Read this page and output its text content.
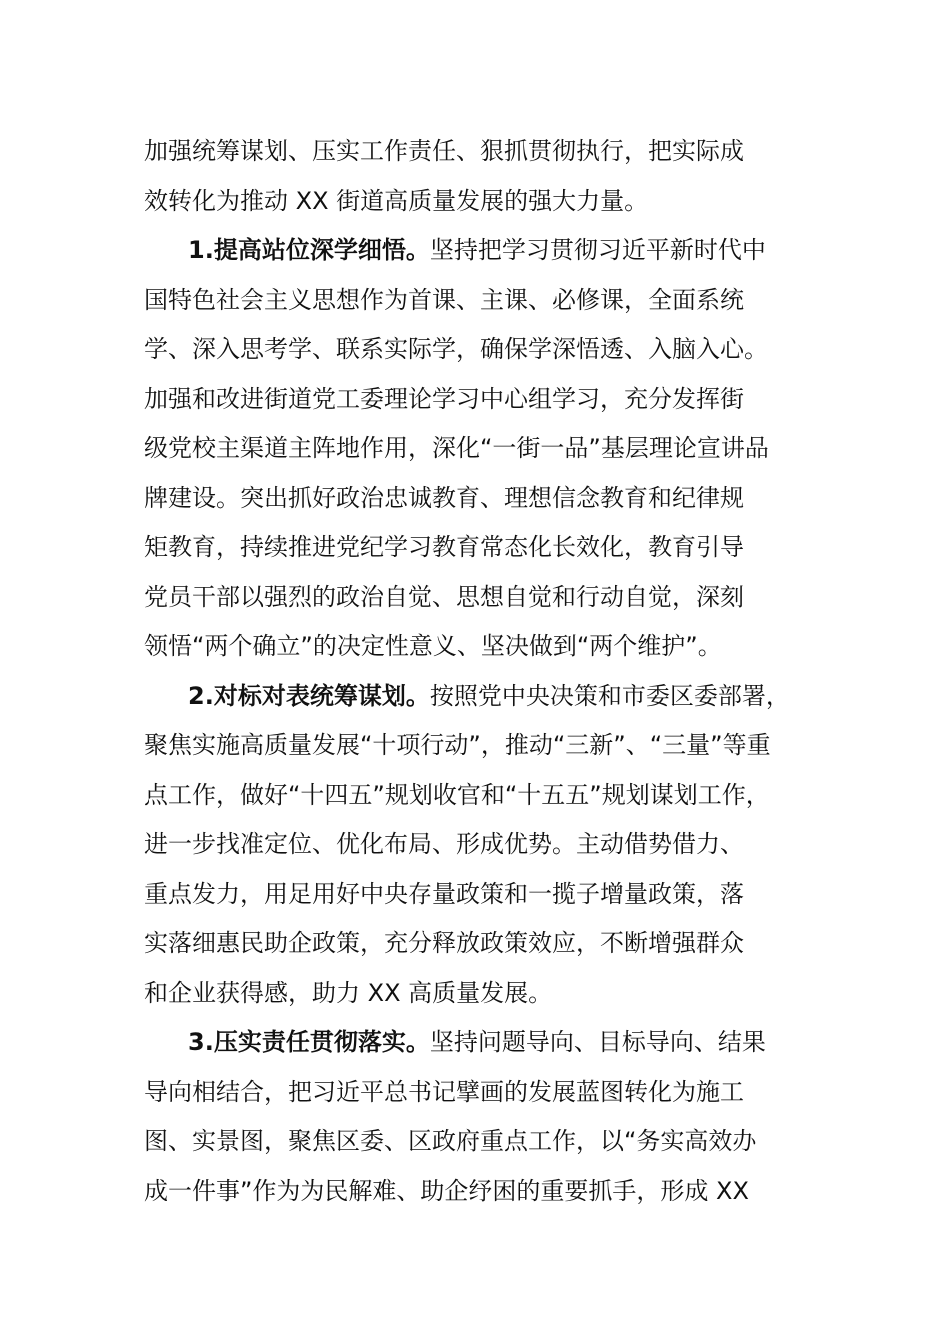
加强统筹谋划、压实工作责任、狠抓贯彻执行，把实际成
效转化为推动 XX 街道高质量发展的强大力量。
1.提高站位深学细悟。坚持把学习贯彻习近平新时代中
国特色社会主义思想作为首课、主课、必修课，全面系统
学、深入思考学、联系实际学，确保学深悟透、入脑入心。
加强和改进街道党工委理论学习中心组学习，充分发挥街
级党校主渠道主阵地作用，深化“一街一品”基层理论宣讲品
牌建设。突出抓好政治忠诚教育、理想信念教育和纪律规
矩教育，持续推进党纪学习教育常态化长效化，教育引导
党员干部以强烈的政治自觉、思想自觉和行动自觉，深刻
领悟“两个确立”的决定性意义、坚决做到“两个维护”。
2.对标对表统筹谋划。按照党中央决策和市委区委部署，
聚焦实施高质量发展“十项行动”，推动“三新”、“三量”等重
点工作，做好“十四五”规划收官和“十五五”规划谋划工作，
进一步找准定位、优化布局、形成优势。主动借势借力、
重点发力，用足用好中央存量政策和一揽子增量政策，落
实落细惠民助企政策，充分释放政策效应，不断增强群众
和企业获得感，助力 XX 高质量发展。
3.压实责任贯彻落实。坚持问题导向、目标导向、结果
导向相结合，把习近平总书记擘画的发展蓝图转化为施工
图、实景图，聚焦区委、区政府重点工作，以“务实高效办
成一件事”作为为民解难、助企纾困的重要抓手，形成 XX
